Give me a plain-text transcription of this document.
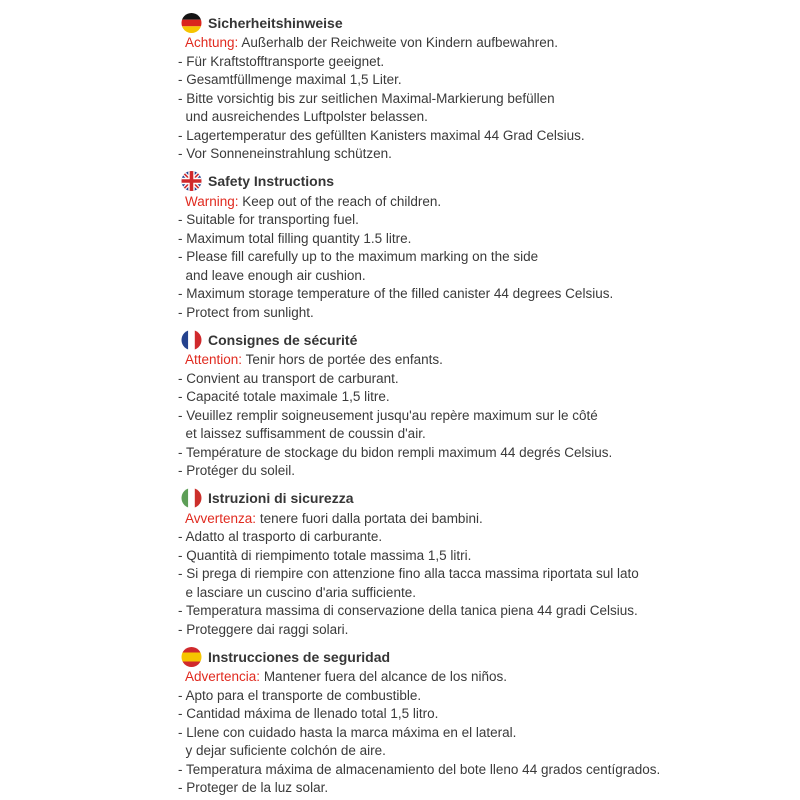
Sicherheitshinweise
Achtung: Außerhalb der Reichweite von Kindern aufbewahren.
- Für Kraftstofftransporte geeignet.
- Gesamtfüllmenge maximal 1,5 Liter.
- Bitte vorsichtig bis zur seitlichen Maximal-Markierung befüllen
und ausreichendes Luftpolster belassen.
- Lagertemperatur des gefüllten Kanisters maximal 44 Grad Celsius.
- Vor Sonneneinstrahlung schützen.
Safety Instructions
Warning: Keep out of the reach of children.
- Suitable for transporting fuel.
- Maximum total filling quantity 1.5 litre.
- Please fill carefully up to the maximum marking on the side
and leave enough air cushion.
- Maximum storage temperature of the filled canister 44 degrees Celsius.
- Protect from sunlight.
Consignes de sécurité
Attention: Tenir hors de portée des enfants.
- Convient au transport de carburant.
- Capacité totale maximale 1,5 litre.
- Veuillez remplir soigneusement jusqu'au repère maximum sur le côté
et laissez suffisamment de coussin d'air.
- Température de stockage du bidon rempli maximum 44 degrés Celsius.
- Protéger du soleil.
Istruzioni di sicurezza
Avvertenza: tenere fuori dalla portata dei bambini.
- Adatto al trasporto di carburante.
- Quantità di riempimento totale massima 1,5 litri.
- Si prega di riempire con attenzione fino alla tacca massima riportata sul lato
e lasciare un cuscino d'aria sufficiente.
- Temperatura massima di conservazione della tanica piena 44 gradi Celsius.
- Proteggere dai raggi solari.
Instrucciones de seguridad
Advertencia: Mantener fuera del alcance de los niños.
- Apto para el transporte de combustible.
- Cantidad máxima de llenado total 1,5 litro.
- Llene con cuidado hasta la marca máxima en el lateral.
y dejar suficiente colchón de aire.
- Temperatura máxima de almacenamiento del bote lleno 44 grados centígrados.
- Proteger de la luz solar.
